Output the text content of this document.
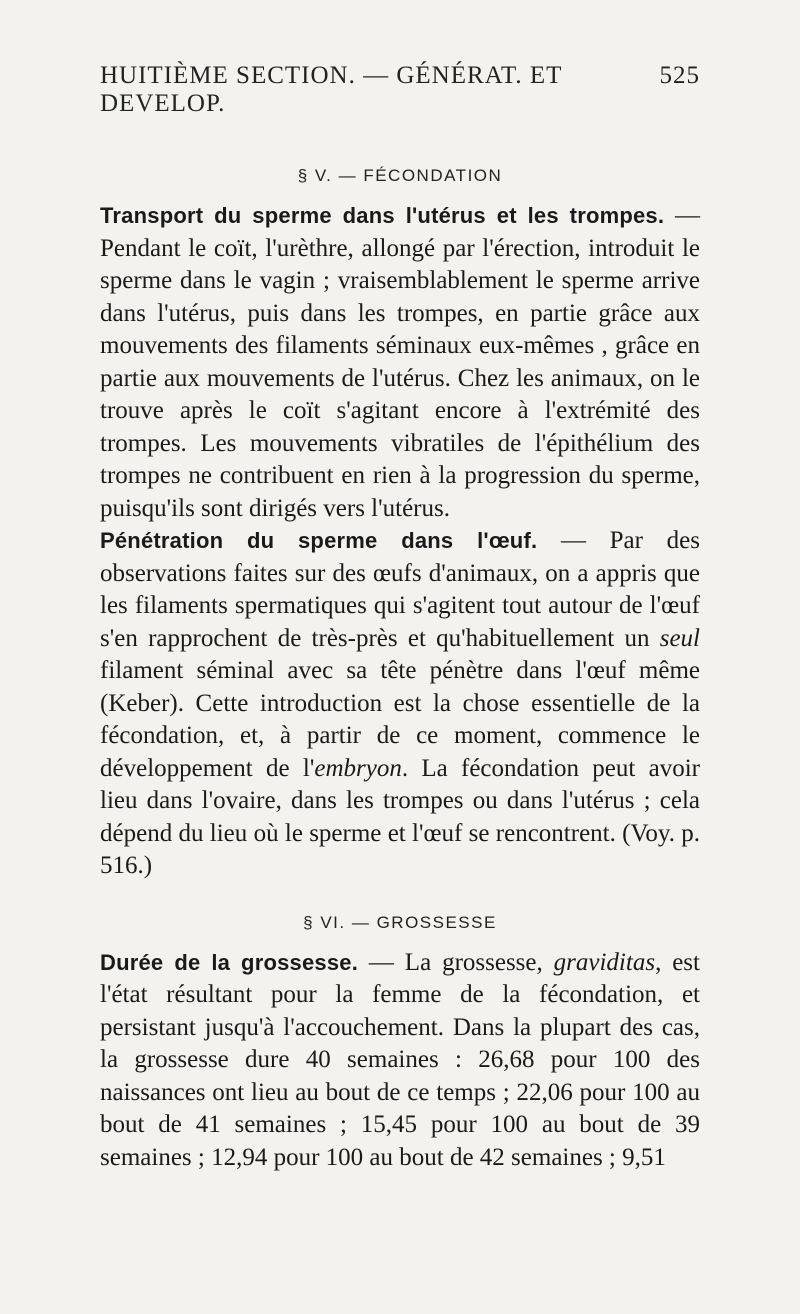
HUITIÈME SECTION. — GÉNÉRAT. ET DEVELOP.
525
§ V. — FÉCONDATION

Transport du sperme dans l'utérus et les trompes. — Pendant le coït, l'urèthre, allongé par l'érection, introduit le sperme dans le vagin ; vraisemblablement le sperme arrive dans l'utérus, puis dans les trompes, en partie grâce aux mouvements des filaments séminaux eux-mêmes , grâce en partie aux mouvements de l'utérus. Chez les animaux, on le trouve après le coït s'agitant encore à l'extrémité des trompes. Les mouvements vibratiles de l'épithélium des trompes ne contribuent en rien à la progression du sperme, puisqu'ils sont dirigés vers l'utérus.

Pénétration du sperme dans l'œuf. — Par des observations faites sur des œufs d'animaux, on a appris que les filaments spermatiques qui s'agitent tout autour de l'œuf s'en rapprochent de très-près et qu'habituellement un seul filament séminal avec sa tête pénètre dans l'œuf même (Keber). Cette introduction est la chose essentielle de la fécondation, et, à partir de ce moment, commence le développement de l'embryon. La fécondation peut avoir lieu dans l'ovaire, dans les trompes ou dans l'utérus ; cela dépend du lieu où le sperme et l'œuf se rencontrent. (Voy. p. 516.)

§ VI. — GROSSESSE

Durée de la grossesse. — La grossesse, graviditas, est l'état résultant pour la femme de la fécondation, et persistant jusqu'à l'accouchement. Dans la plupart des cas, la grossesse dure 40 semaines : 26,68 pour 100 des naissances ont lieu au bout de ce temps ; 22,06 pour 100 au bout de 41 semaines ; 15,45 pour 100 au bout de 39 semaines ; 12,94 pour 100 au bout de 42 semaines ; 9,51
